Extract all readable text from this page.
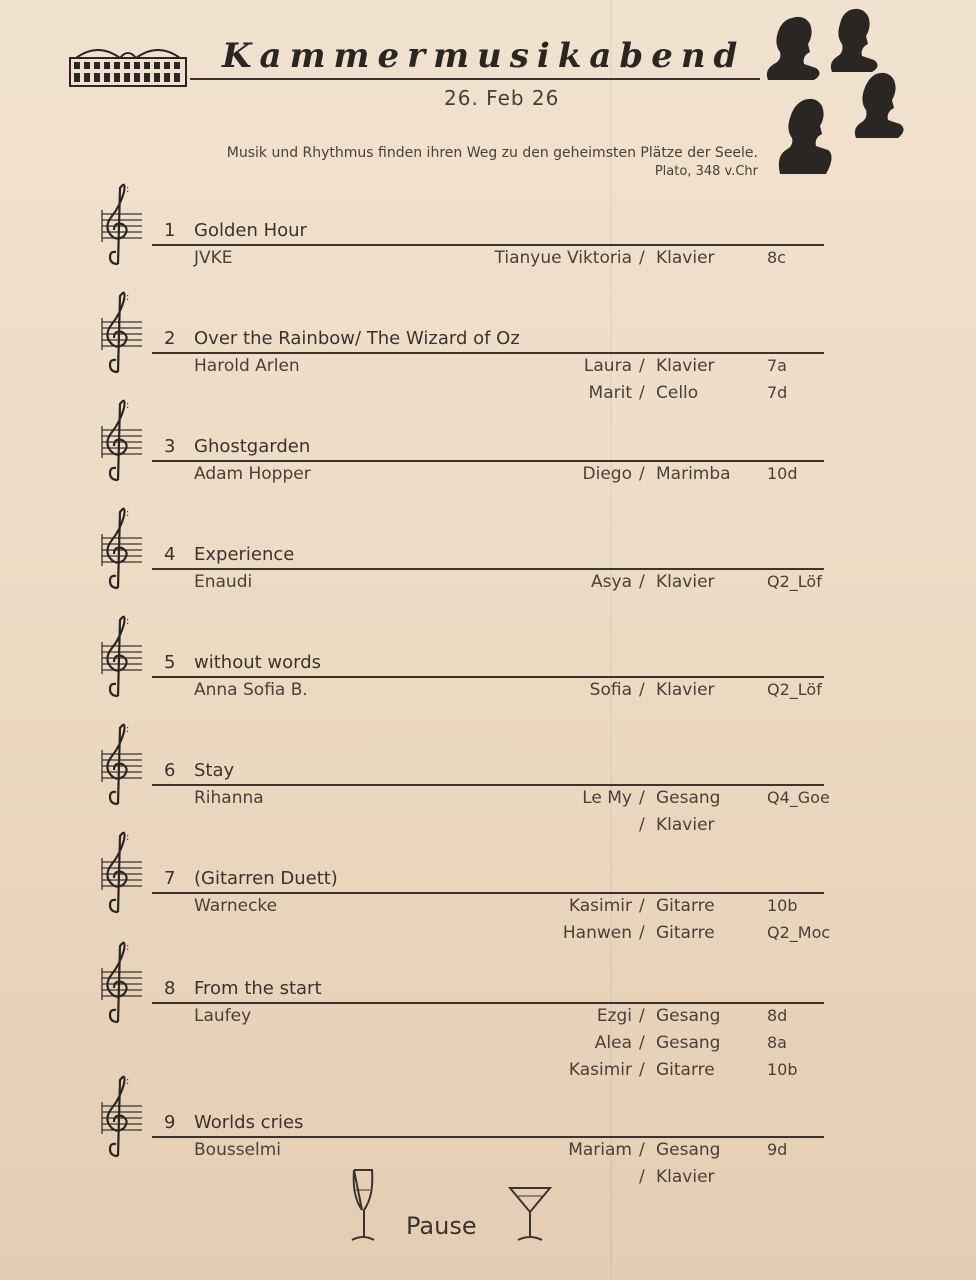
Kammermusikabend
26. Feb 26
Musik und Rhythmus finden ihren Weg zu den geheimsten Plätze der Seele.
Plato, 348 v.Chr
:
1 Golden Hour
JVKE	Tianyue Viktoria / Klavier	8c
:
2 Over the Rainbow/ The Wizard of Oz
Harold Arlen	Laura / Klavier	7a
Marit / Cello	7d
:
3 Ghostgarden
Adam Hopper	Diego / Marimba 10d
:
4 Experience
Enaudi	Asya / Klavier	Q2_Löf
:
5 without words
Anna Sofia B.	Sofia / Klavier	Q2_Löf
:
6 Stay
Rihanna	Le My / Gesang	Q4_Goe
/ Klavier
:
7 (Gitarren Duett)
Warnecke	Kasimir / Gitarre	10b
Hanwen / Gitarre	Q2_Moc
:
8 From the start
Laufey	Ezgi / Gesang	8d
Alea / Gesang	8a
Kasimir / Gitarre	10b
:
9 Worlds cries
Bousselmi	Mariam / Gesang	9d
/ Klavier
Pause
